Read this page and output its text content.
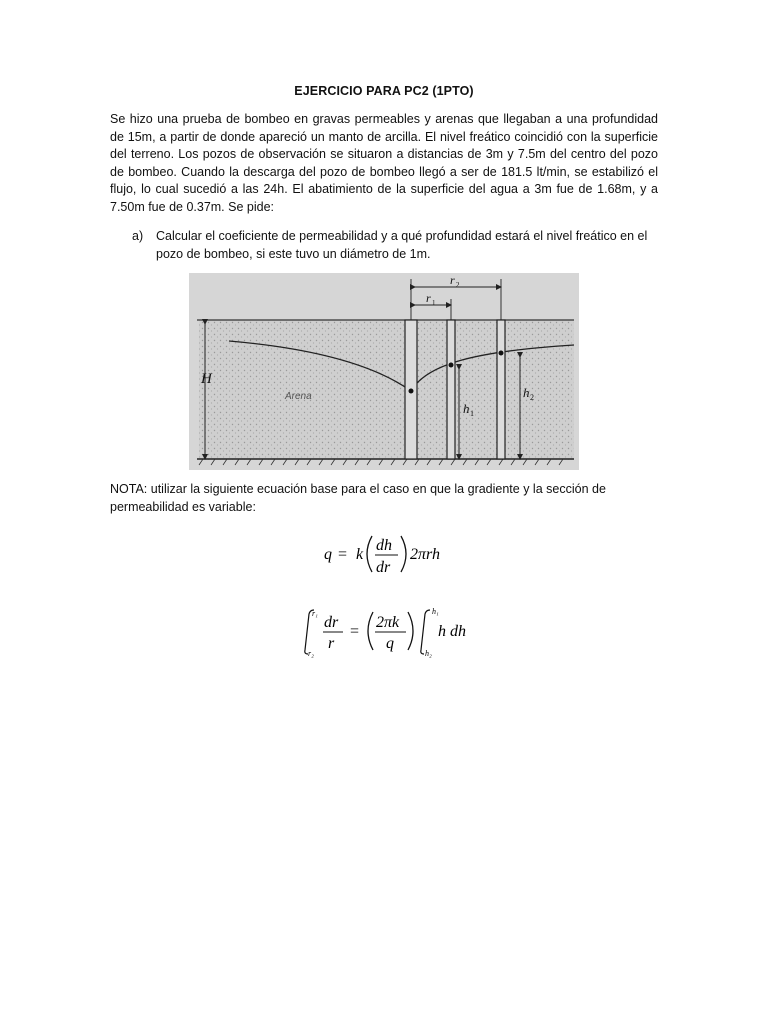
EJERCICIO PARA PC2 (1PTO)

Se hizo una prueba de bombeo en gravas permeables y arenas que llegaban a una profundidad de 15m, a partir de donde apareció un manto de arcilla. El nivel freático coincidió con la superficie del terreno. Los pozos de observación se situaron a distancias de 3m y 7.5m del centro del pozo de bombeo. Cuando la descarga del pozo de bombeo llegó a ser de 181.5 lt/min, se estabilizó el flujo, lo cual sucedió a las 24h. El abatimiento de la superficie del agua a 3m fue de 1.68m, y a 7.50m fue de 0.37m. Se pide:

a) Calcular el coeficiente de permeabilidad y a qué profundidad estará el nivel freático en el pozo de bombeo, si este tuvo un diámetro de 1m.

H
Arena
h 1
h 2
r 2
r 1

NOTA: utilizar la siguiente ecuación base para el caso en que la gradiente y la sección de permeabilidad es variable:

q = k
dh
dr
2πrh
r₁
r₂
dr
r
=
2πk
q
h₁
h₂
h dh
